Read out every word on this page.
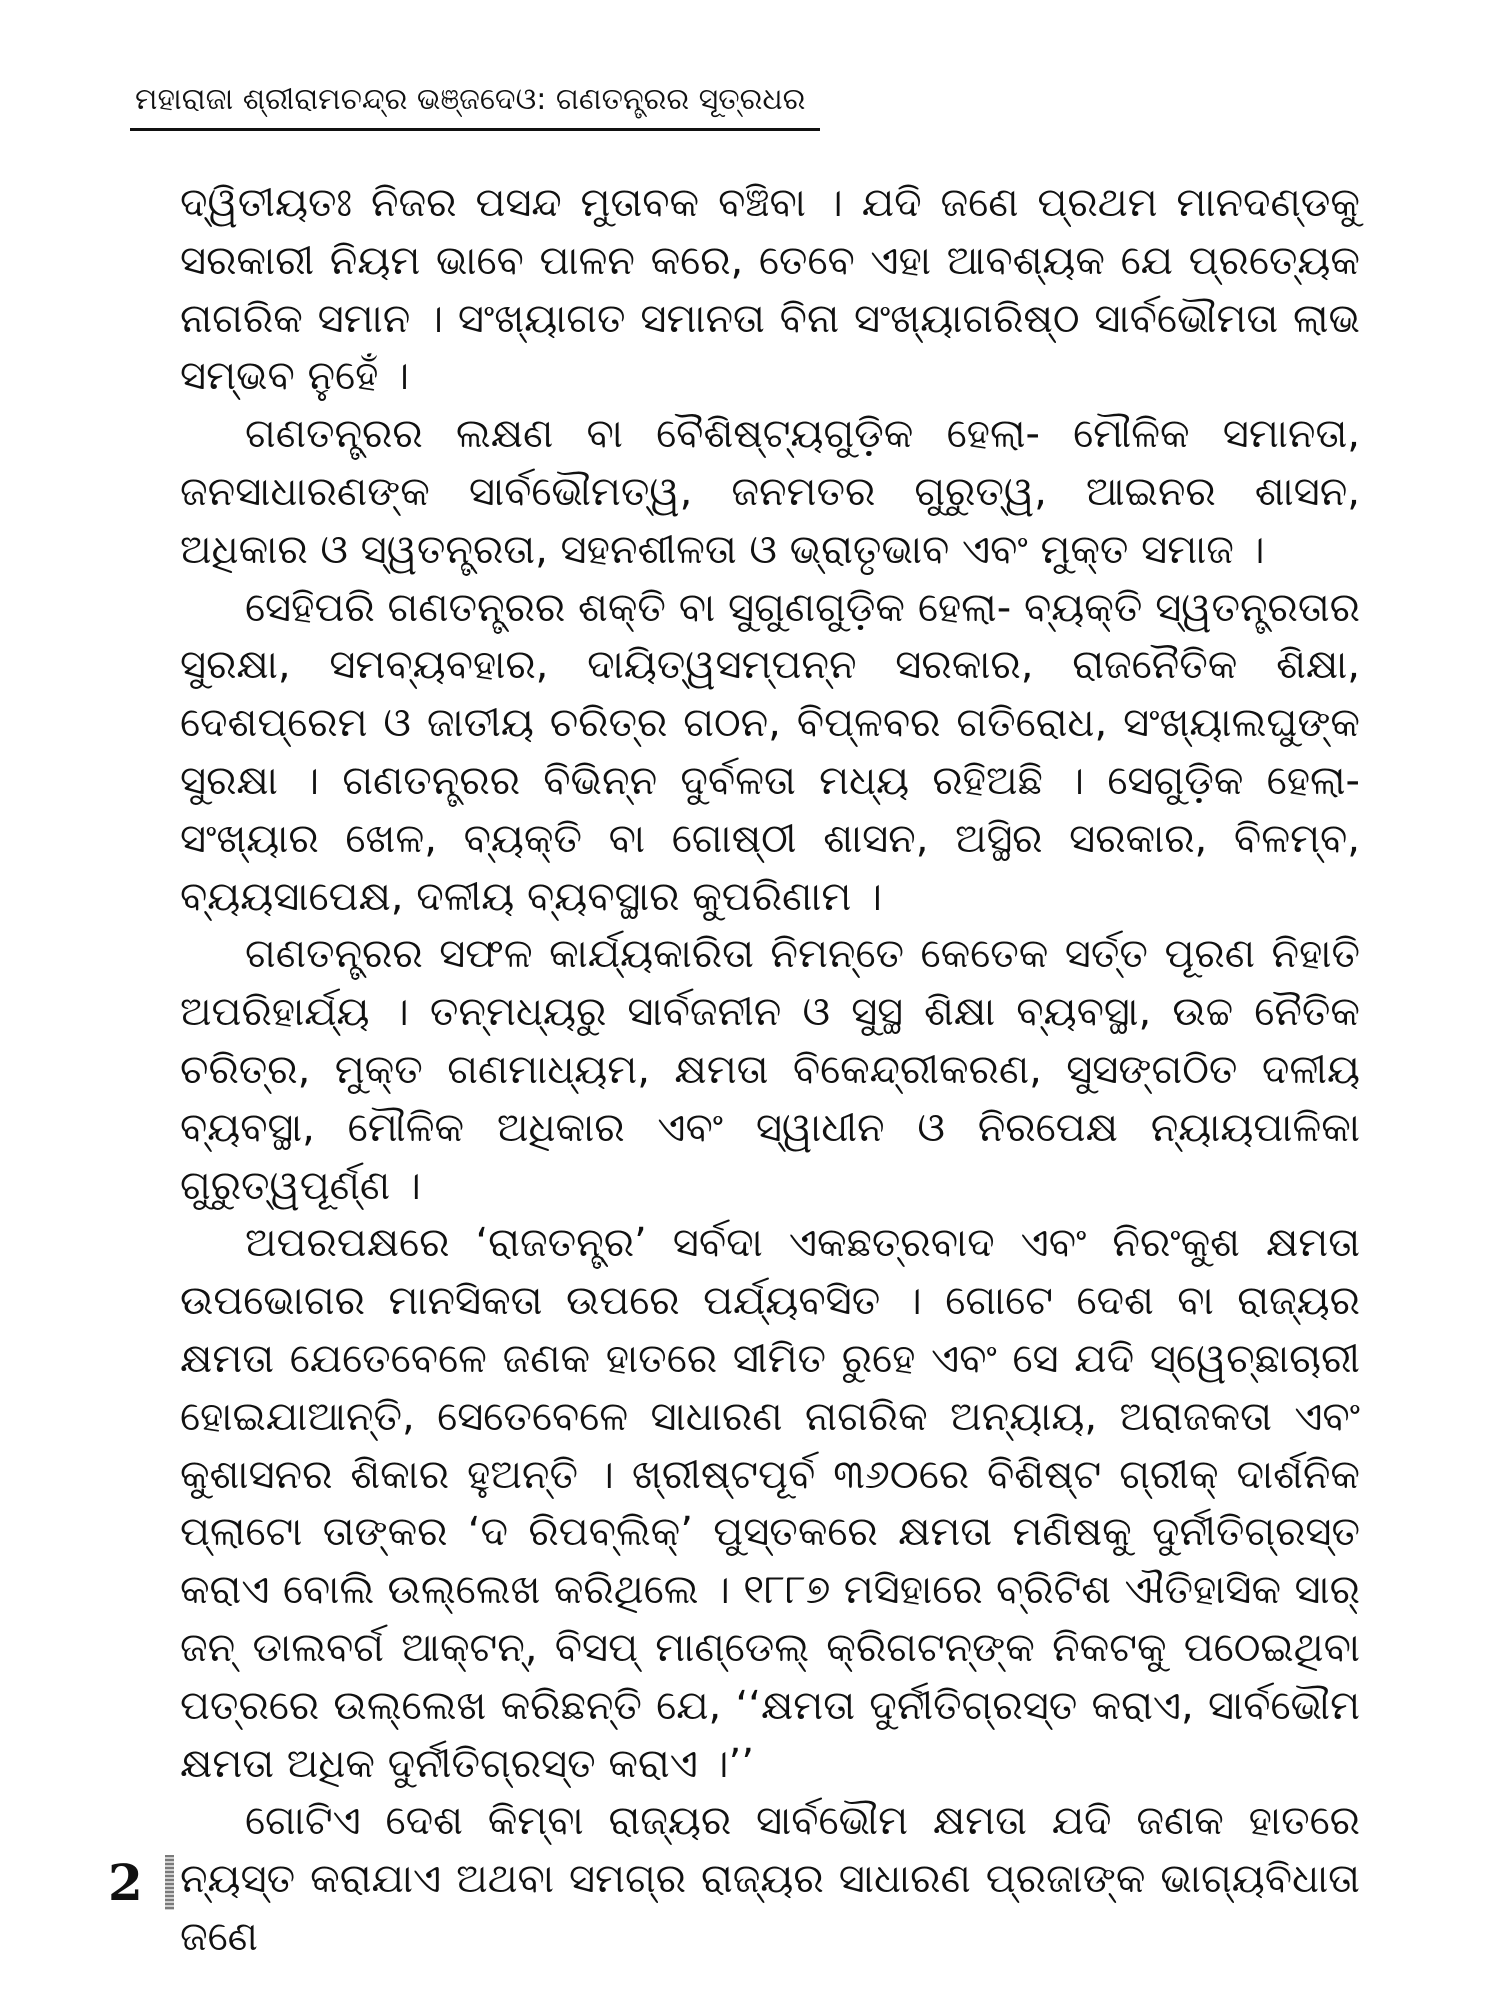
ମହାରାଜା ଶ୍ରୀରାମଚନ୍ଦ୍ର ଭଞ୍ଜଦେଓ: ଗଣତନ୍ତ୍ରର ସୂତ୍ରଧର

ଦ୍ୱିତୀୟତଃ ନିଜର ପସନ୍ଦ ମୁତାବକ ବଞ୍ଚିବା । ଯଦି ଜଣେ ପ୍ରଥମ ମାନଦଣ୍ଡକୁ ସରକାରୀ ନିୟମ ଭାବେ ପାଳନ କରେ, ତେବେ ଏହା ଆବଶ୍ୟକ ଯେ ପ୍ରତ୍ୟେକ ନାଗରିକ ସମାନ । ସଂଖ୍ୟାଗତ ସମାନତା ବିନା ସଂଖ୍ୟାଗରିଷ୍ଠ ସାର୍ବଭୌମତା ଲାଭ ସମ୍ଭବ ନୁହେଁ ।

ଗଣତନ୍ତ୍ରର ଲକ୍ଷଣ ବା ବୈଶିଷ୍ଟ୍ୟଗୁଡ଼ିକ ହେଲା- ମୌଳିକ ସମାନତା, ଜନସାଧାରଣଙ୍କ ସାର୍ବଭୌମତ୍ୱ, ଜନମତର ଗୁରୁତ୍ୱ, ଆଇନର ଶାସନ, ଅଧିକାର ଓ ସ୍ୱତନ୍ତ୍ରତା, ସହନଶୀଳତା ଓ ଭ୍ରାତୃଭାବ ଏବଂ ମୁକ୍ତ ସମାଜ ।

ସେହିପରି ଗଣତନ୍ତ୍ରର ଶକ୍ତି ବା ସୁଗୁଣଗୁଡ଼ିକ ହେଲା- ବ୍ୟକ୍ତି ସ୍ୱତନ୍ତ୍ରତାର ସୁରକ୍ଷା, ସମବ୍ୟବହାର, ଦାୟିତ୍ୱସମ୍ପନ୍ନ ସରକାର, ରାଜନୈତିକ ଶିକ୍ଷା, ଦେଶପ୍ରେମ ଓ ଜାତୀୟ ଚରିତ୍ର ଗଠନ, ବିପ୍ଳବର ଗତିରୋଧ, ସଂଖ୍ୟାଲଘୁଙ୍କ ସୁରକ୍ଷା । ଗଣତନ୍ତ୍ରର ବିଭିନ୍ନ ଦୁର୍ବଳତା ମଧ୍ୟ ରହିଅଛି । ସେଗୁଡ଼ିକ ହେଲା- ସଂଖ୍ୟାର ଖେଳ, ବ୍ୟକ୍ତି ବା ଗୋଷ୍ଠୀ ଶାସନ, ଅସ୍ଥିର ସରକାର, ବିଳମ୍ବ, ବ୍ୟୟସାପେକ୍ଷ, ଦଳୀୟ ବ୍ୟବସ୍ଥାର କୁପରିଣାମ ।

ଗଣତନ୍ତ୍ରର ସଫଳ କାର୍ଯ୍ୟକାରିତା ନିମନ୍ତେ କେତେକ ସର୍ତ୍ତ ପୂରଣ ନିହାତି ଅପରିହାର୍ଯ୍ୟ । ତନ୍ମଧ୍ୟରୁ ସାର୍ବଜନୀନ ଓ ସୁସ୍ଥ ଶିକ୍ଷା ବ୍ୟବସ୍ଥା, ଉଚ୍ଚ ନୈତିକ ଚରିତ୍ର, ମୁକ୍ତ ଗଣମାଧ୍ୟମ, କ୍ଷମତା ବିକେନ୍ଦ୍ରୀକରଣ, ସୁସଙ୍ଗଠିତ ଦଳୀୟ ବ୍ୟବସ୍ଥା, ମୌଳିକ ଅଧିକାର ଏବଂ ସ୍ୱାଧୀନ ଓ ନିରପେକ୍ଷ ନ୍ୟାୟପାଳିକା ଗୁରୁତ୍ୱପୂର୍ଣ୍ଣ ।

ଅପରପକ୍ଷରେ ‘ରାଜତନ୍ତ୍ର’ ସର୍ବଦା ଏକଛତ୍ରବାଦ ଏବଂ ନିରଂକୁଶ କ୍ଷମତା ଉପଭୋଗର ମାନସିକତା ଉପରେ ପର୍ଯ୍ୟବସିତ । ଗୋଟେ ଦେଶ ବା ରାଜ୍ୟର କ୍ଷମତା ଯେତେବେଳେ ଜଣକ ହାତରେ ସୀମିତ ରୁହେ ଏବଂ ସେ ଯଦି ସ୍ୱେଚ୍ଛାଚାରୀ ହୋଇଯାଆନ୍ତି, ସେତେବେଳେ ସାଧାରଣ ନାଗରିକ ଅନ୍ୟାୟ, ଅରାଜକତା ଏବଂ କୁଶାସନର ଶିକାର ହୁଅନ୍ତି । ଖ୍ରୀଷ୍ଟପୂର୍ବ ୩୬୦ରେ ବିଶିଷ୍ଟ ଗ୍ରୀକ୍ ଦାର୍ଶନିକ ପ୍ଲାଟୋ ତାଙ୍କର ‘ଦ ରିପବ୍ଲିକ୍’ ପୁସ୍ତକରେ କ୍ଷମତା ମଣିଷକୁ ଦୁର୍ନୀତିଗ୍ରସ୍ତ କରାଏ ବୋଲି ଉଲ୍ଲେଖ କରିଥିଲେ । ୧୮୮୭ ମସିହାରେ ବ୍ରିଟିଶ ଐତିହାସିକ ସାର୍ ଜନ୍ ଡାଲବର୍ଗ ଆକ୍ଟନ୍, ବିସପ୍ ମାଣ୍ଡେଲ୍ କ୍ରିଗଟନ୍‌ଙ୍କ ନିକଟକୁ ପଠେଇଥିବା ପତ୍ରରେ ଉଲ୍ଲେଖ କରିଛନ୍ତି ଯେ, ‘‘କ୍ଷମତା ଦୁର୍ନୀତିଗ୍ରସ୍ତ କରାଏ, ସାର୍ବଭୌମ କ୍ଷମତା ଅଧିକ ଦୁର୍ନୀତିଗ୍ରସ୍ତ କରାଏ ।’’

ଗୋଟିଏ ଦେଶ କିମ୍ବା ରାଜ୍ୟର ସାର୍ବଭୌମ କ୍ଷମତା ଯଦି ଜଣକ ହାତରେ ନ୍ୟସ୍ତ କରାଯାଏ ଅଥବା ସମଗ୍ର ରାଜ୍ୟର ସାଧାରଣ ପ୍ରଜାଙ୍କ ଭାଗ୍ୟବିଧାତା ଜଣେ

2
